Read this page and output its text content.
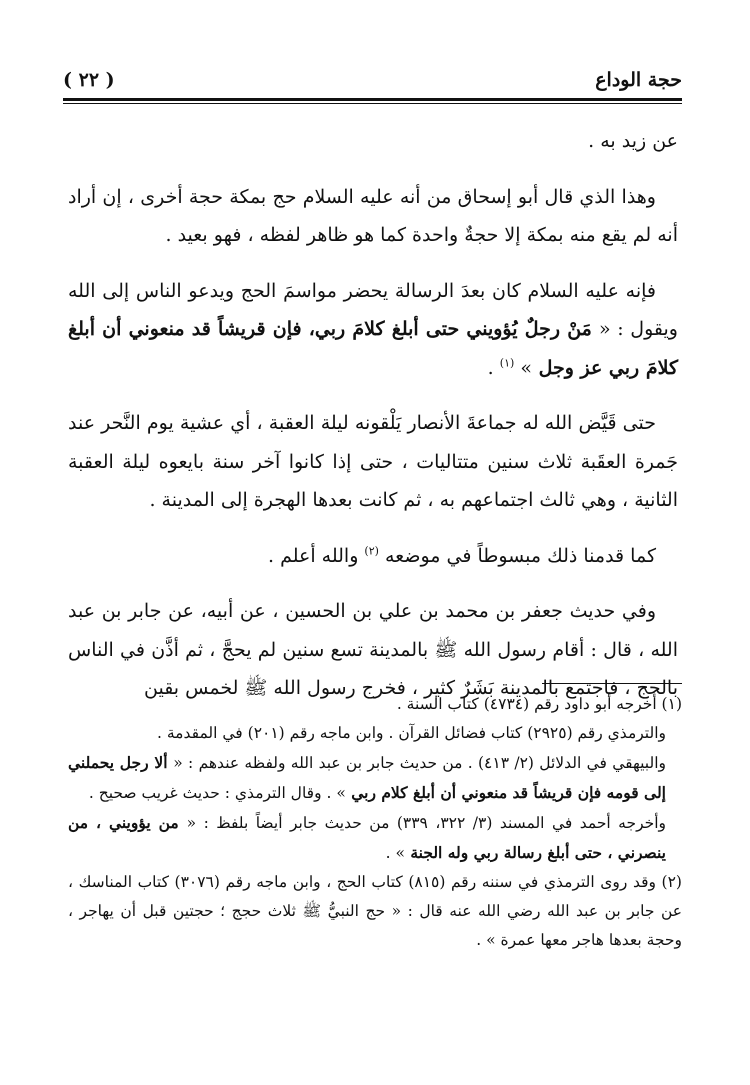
حجة الوداع
( ٢٢ )

عن زيد به .

وهذا الذي قال أبو إسحاق من أنه عليه السلام حج بمكة حجة أخرى ، إن أراد أنه لم يقع منه بمكة إلا حجةٌ واحدة كما هو ظاهر لفظه ، فهو بعيد .

فإنه عليه السلام كان بعدَ الرسالة يحضر مواسمَ الحج ويدعو الناس إلى الله ويقول : « مَنْ رجلٌ يُؤويني حتى أبلغ كلامَ ربي، فإن قريشاً قد منعوني أن أبلغ كلامَ ربي عز وجل » $^{(١)}$ .

حتى قَيَّض الله له جماعةَ الأنصار يَلْقونه ليلة العقبة ، أي عشية يوم النَّحر عند جَمرة العقَبة ثلاث سنين متتاليات ، حتى إذا كانوا آخر سنة بايعوه ليلة العقبة الثانية ، وهي ثالث اجتماعهم به ، ثم كانت بعدها الهجرة إلى المدينة .

كما قدمنا ذلك مبسوطاً في موضعه $^{(٢)}$ والله أعلم .

وفي حديث جعفر بن محمد بن علي بن الحسين ، عن أبيه، عن جابر بن عبد الله ، قال : أقام رسول الله ﷺ بالمدينة تسع سنين لم يحجَّ ، ثم أذَّن في الناس بالحج ، فاجتمع بالمدينة بَشَرٌ كثير ، فخرج رسول الله ﷺ لخمس بقين

(١) أخرجه أبو داود رقم (٤٧٣٤) كتاب السنة .

والترمذي رقم (٢٩٢٥) كتاب فضائل القرآن . وابن ماجه رقم (٢٠١) في المقدمة .

والبيهقي في الدلائل (٢/ ٤١٣) . من حديث جابر بن عبد الله ولفظه عندهم : « ألا رجل يحملني إلى قومه فإن قريشاً قد منعوني أن أبلغ كلام ربي » . وقال الترمذي : حديث غريب صحيح .

وأخرجه أحمد في المسند (٣/ ٣٢٢، ٣٣٩) من حديث جابر أيضاً بلفظ : « من يؤويني ، من ينصرني ، حتى أبلغ رسالة ربي وله الجنة » .

(٢) وقد روى الترمذي في سننه رقم (٨١٥) كتاب الحج ، وابن ماجه رقم (٣٠٧٦) كتاب المناسك ، عن جابر بن عبد الله رضي الله عنه قال : « حج النبيُّ ﷺ ثلاث حجج ؛ حجتين قبل أن يهاجر ، وحجة بعدها هاجر معها عمرة » .
